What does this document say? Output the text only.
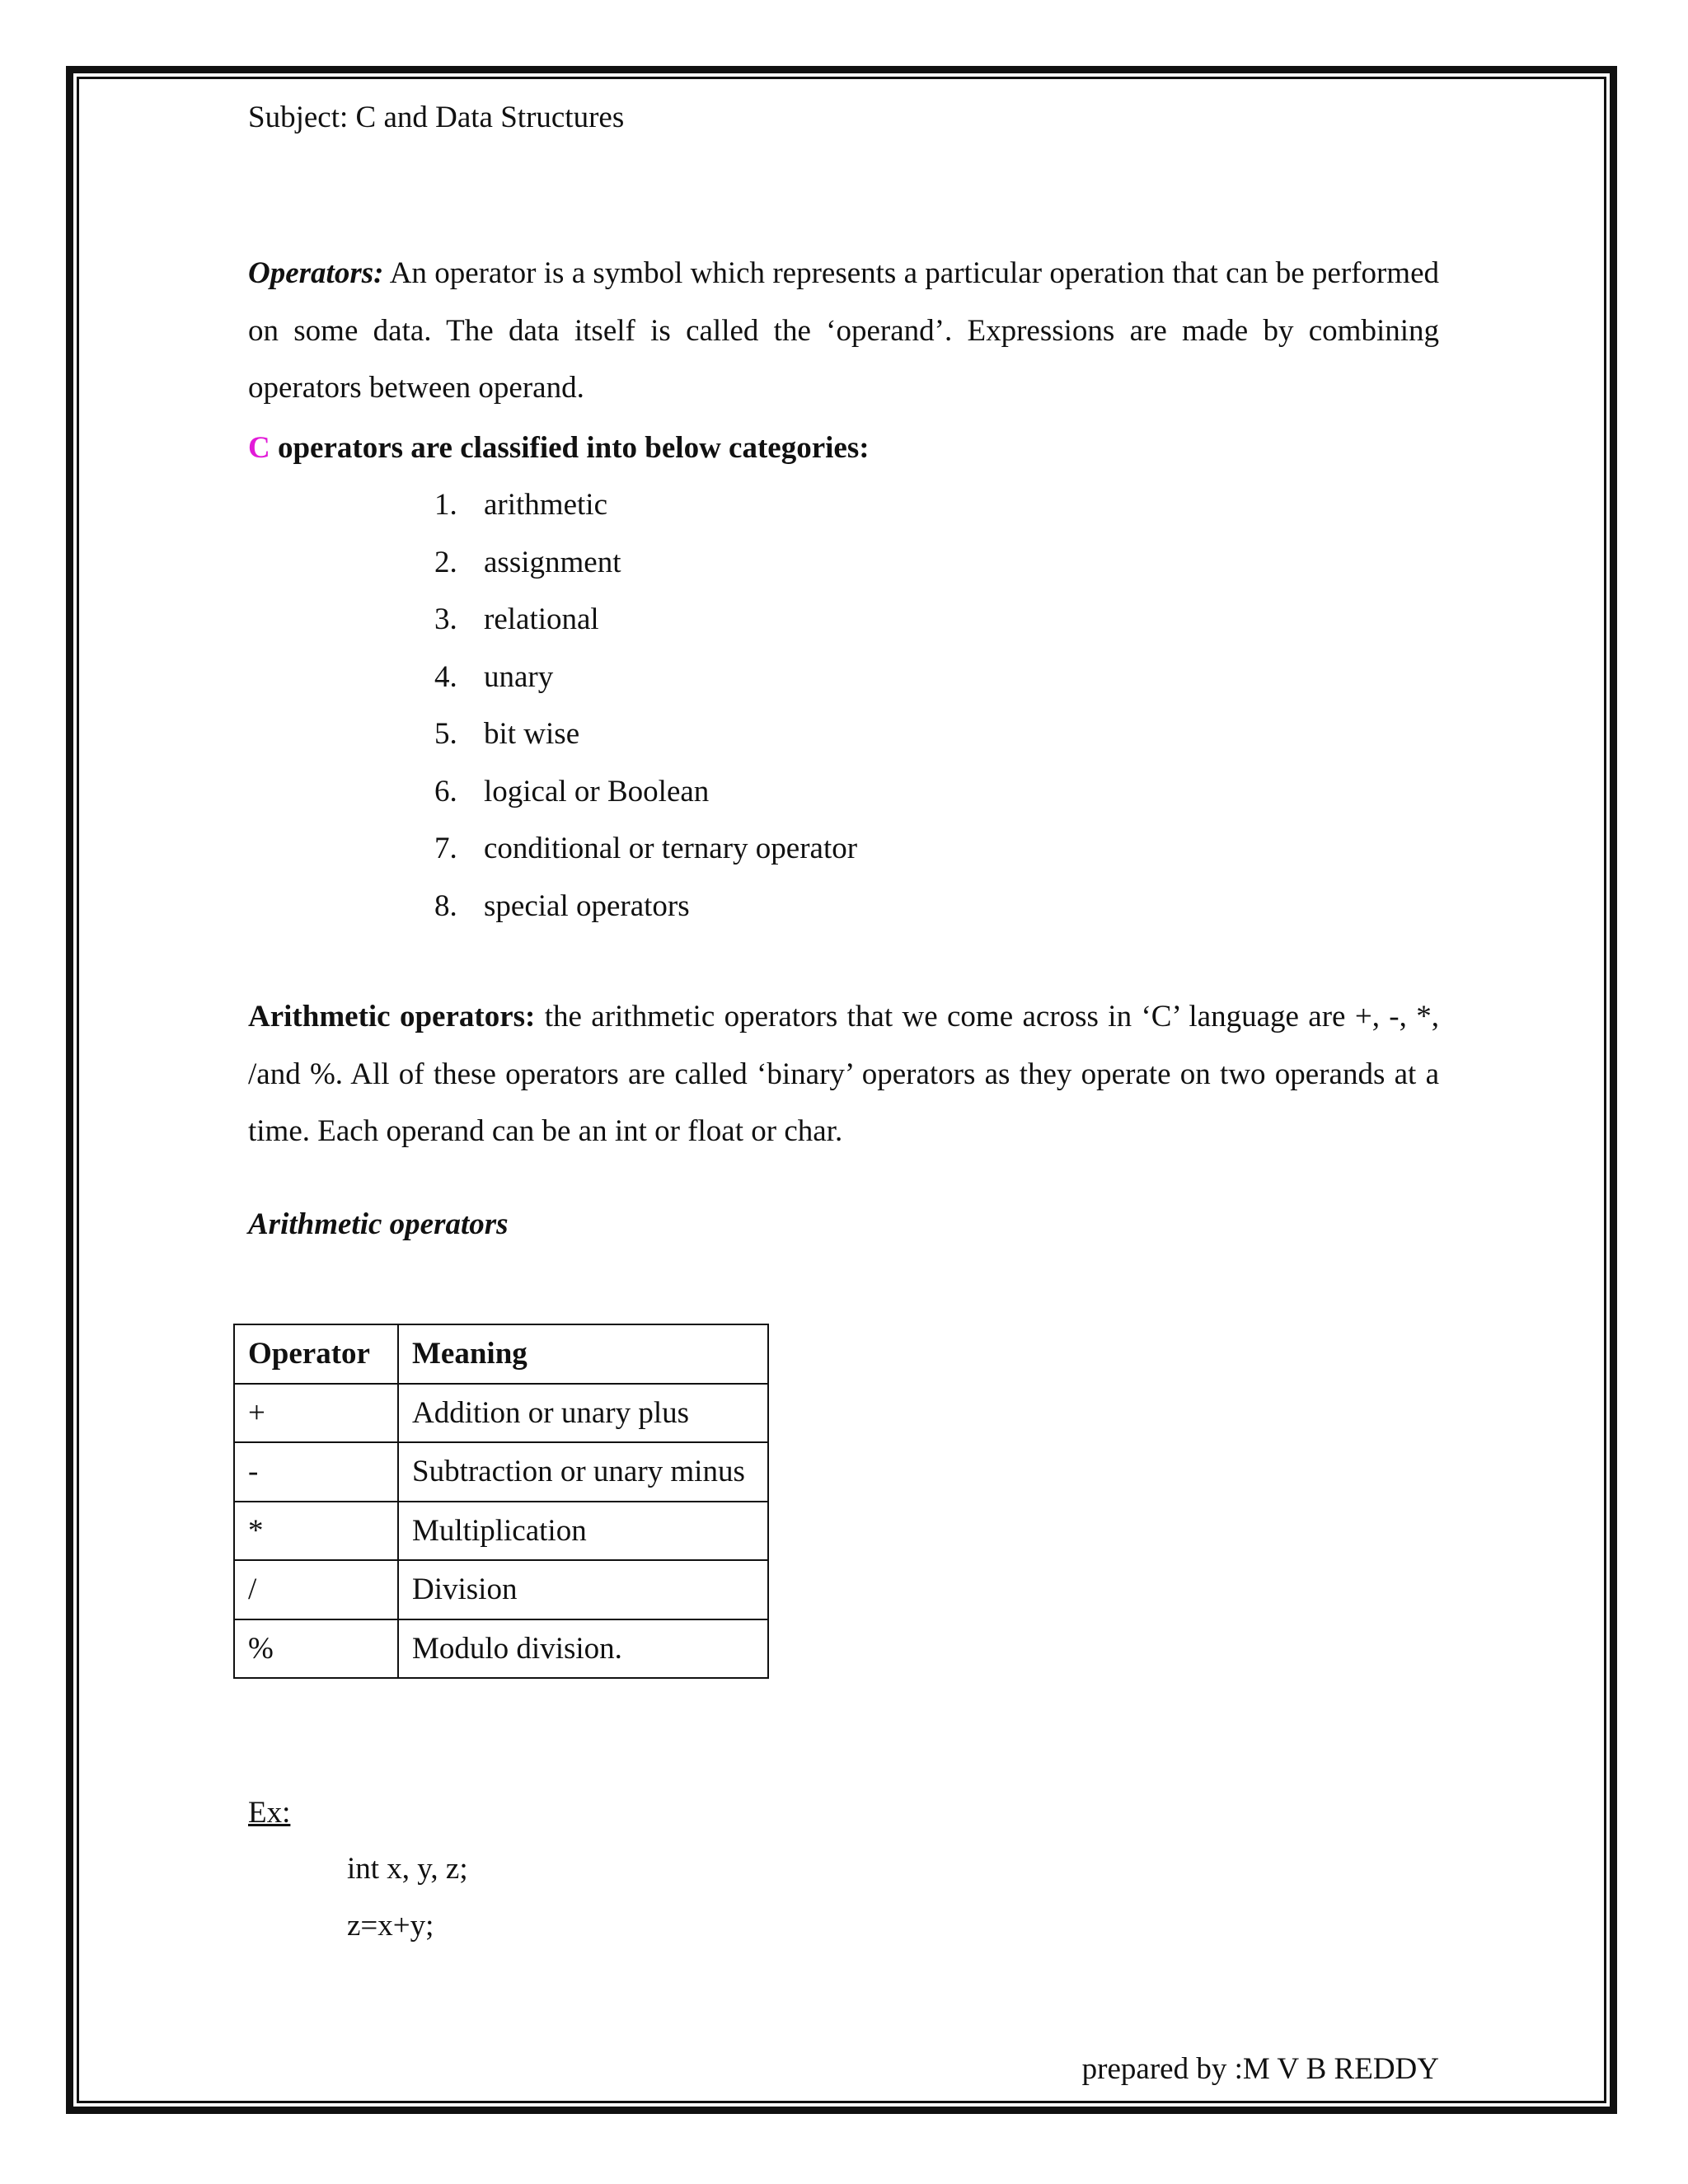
Subject: C and Data Structures
Operators: An operator is a symbol which represents a particular operation that can be performed on some data. The data itself is called the ‘operand’. Expressions are made by combining operators between operand.
C operators are classified into below categories:
1. arithmetic
2. assignment
3. relational
4. unary
5. bit wise
6. logical or Boolean
7. conditional or ternary operator
8. special operators
Arithmetic operators: the arithmetic operators that we come across in ‘C’ language are +, -, *, /and %. All of these operators are called ‘binary’ operators as they operate on two operands at a time. Each operand can be an int or float or char.
Arithmetic operators
Operator	Meaning
+	Addition or unary plus
-	Subtraction or unary minus
*	Multiplication
/	Division
%	Modulo division.
Ex:
int x, y, z;
z=x+y;
prepared by :M V B REDDY
